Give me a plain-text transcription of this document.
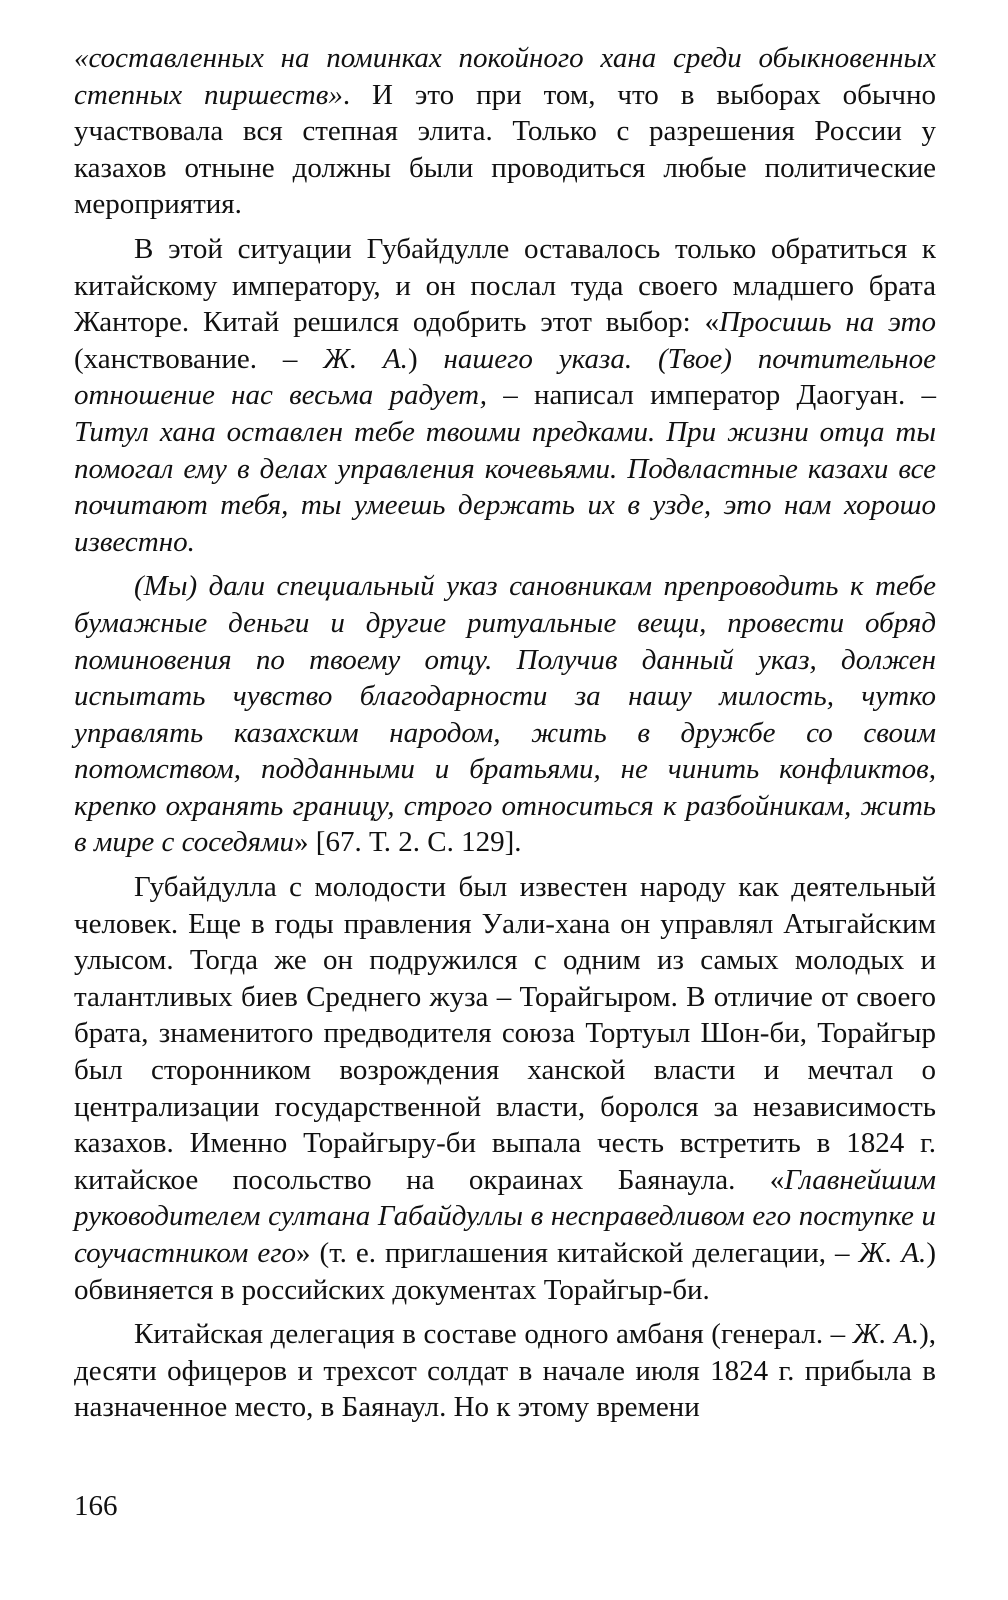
«составленных на поминках покойного хана среди обыкновенных степных пиршеств». И это при том, что в выборах обычно участвовала вся степная элита. Только с разрешения России у казахов отныне должны были проводиться любые политические мероприятия.

В этой ситуации Губайдулле оставалось только обратиться к китайскому императору, и он послал туда своего младшего брата Жанторе. Китай решился одобрить этот выбор: «Просишь на это (ханствование. – Ж. А.) нашего указа. (Твое) почтительное отношение нас весьма радует, – написал император Даогуан. – Титул хана оставлен тебе твоими предками. При жизни отца ты помогал ему в делах управления кочевьями. Подвластные казахи все почитают тебя, ты умеешь держать их в узде, это нам хорошо известно.

(Мы) дали специальный указ сановникам препроводить к тебе бумажные деньги и другие ритуальные вещи, провести обряд поминовения по твоему отцу. Получив данный указ, должен испытать чувство благодарности за нашу милость, чутко управлять казахским народом, жить в дружбе со своим потомством, подданными и братьями, не чинить конфликтов, крепко охранять границу, строго относиться к разбойникам, жить в мире с соседями» [67. Т. 2. С. 129].

Губайдулла с молодости был известен народу как деятельный человек. Еще в годы правления Уали-хана он управлял Атыгайским улысом. Тогда же он подружился с одним из самых молодых и талантливых биев Среднего жуза – Торайгыром. В отличие от своего брата, знаменитого предводителя союза Тортуыл Шон-би, Торайгыр был сторонником возрождения ханской власти и мечтал о централизации государственной власти, боролся за независимость казахов. Именно Торайгыру-би выпала честь встретить в 1824 г. китайское посольство на окраинах Баянаула. «Главнейшим руководителем султана Габайдуллы в несправедливом его поступке и соучастником его» (т. е. приглашения китайской делегации, – Ж. А.) обвиняется в российских документах Торайгыр-би.

Китайская делегация в составе одного амбаня (генерал. – Ж. А.), десяти офицеров и трехсот солдат в начале июля 1824 г. прибыла в назначенное место, в Баянаул. Но к этому времени

166
